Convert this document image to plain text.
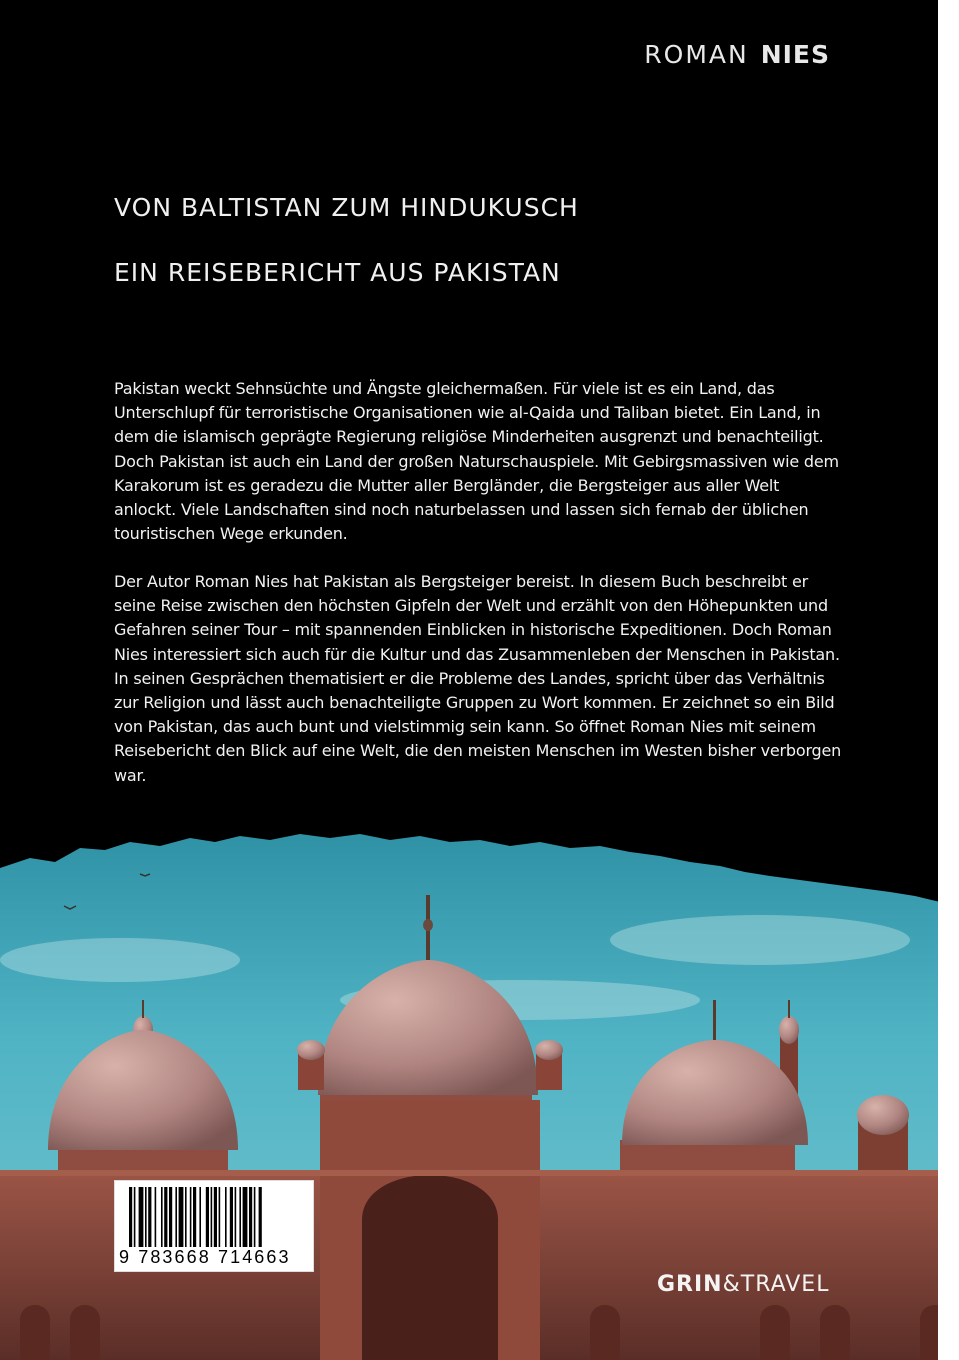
ROMAN NIES
VON BALTISTAN ZUM HINDUKUSCH
EIN REISEBERICHT AUS PAKISTAN
Pakistan weckt Sehnsüchte und Ängste gleichermaßen. Für viele ist es ein Land, das Unterschlupf für terroristische Organisationen wie al-Qaida und Taliban bietet. Ein Land, in dem die islamisch geprägte Regierung religiöse Minderheiten ausgrenzt und benachteiligt. Doch Pakistan ist auch ein Land der großen Naturschauspiele. Mit Gebirgsmassiven wie dem Karakorum ist es geradezu die Mutter aller Bergländer, die Bergsteiger aus aller Welt anlockt. Viele Landschaften sind noch naturbelassen und lassen sich fernab der üblichen touristischen Wege erkunden.
Der Autor Roman Nies hat Pakistan als Bergsteiger bereist. In diesem Buch beschreibt er seine Reise zwischen den höchsten Gipfeln der Welt und erzählt von den Höhepunkten und Gefahren seiner Tour – mit spannenden Einblicken in historische Expeditionen. Doch Roman Nies interessiert sich auch für die Kultur und das Zusammenleben der Menschen in Pakistan. In seinen Gesprächen thematisiert er die Probleme des Landes, spricht über das Verhältnis zur Religion und lässt auch benachteiligte Gruppen zu Wort kommen. Er zeichnet so ein Bild von Pakistan, das auch bunt und vielstimmig sein kann. So öffnet Roman Nies mit seinem Reisebericht den Blick auf eine Welt, die den meisten Menschen im Westen bisher verborgen war.
9 783668 714663
GRIN&TRAVEL
